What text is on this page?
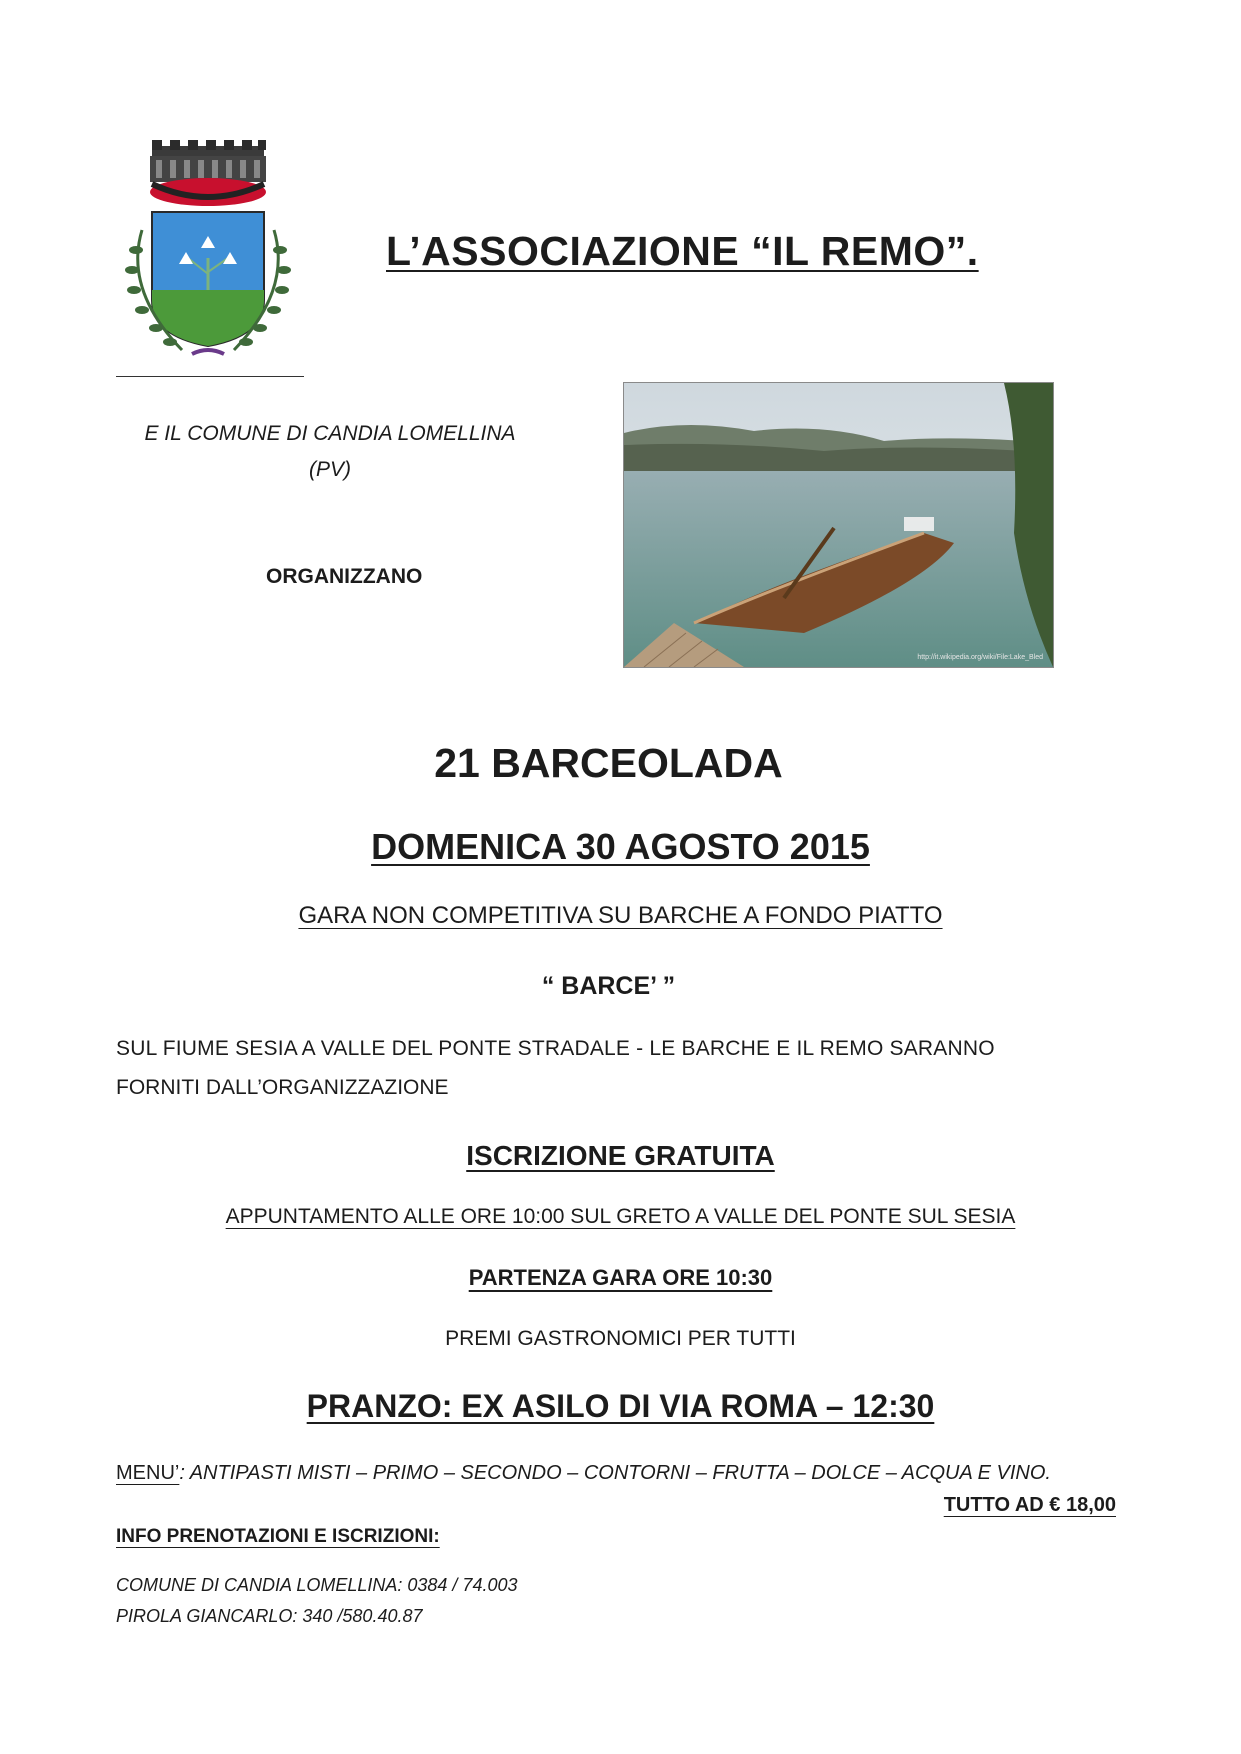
L’ASSOCIAZIONE “IL REMO”.
E IL COMUNE DI CANDIA LOMELLINA
(PV)
ORGANIZZANO
http://it.wikipedia.org/wiki/File:Lake_Bled
21 BARCEOLADA
DOMENICA 30 AGOSTO 2015
GARA NON COMPETITIVA SU BARCHE A FONDO PIATTO
“ BARCE’ ”
SUL FIUME SESIA A VALLE DEL PONTE STRADALE - LE BARCHE E IL REMO SARANNO
FORNITI DALL’ORGANIZZAZIONE
ISCRIZIONE GRATUITA
APPUNTAMENTO ALLE ORE 10:00 SUL GRETO A VALLE DEL PONTE SUL SESIA
PARTENZA GARA ORE 10:30
PREMI GASTRONOMICI PER TUTTI
PRANZO: EX ASILO DI VIA ROMA – 12:30
MENU’: ANTIPASTI MISTI – PRIMO – SECONDO – CONTORNI – FRUTTA – DOLCE – ACQUA E VINO.
TUTTO AD € 18,00
INFO PRENOTAZIONI E ISCRIZIONI:
COMUNE DI CANDIA LOMELLINA: 0384 / 74.003
PIROLA GIANCARLO: 340 /580.40.87
